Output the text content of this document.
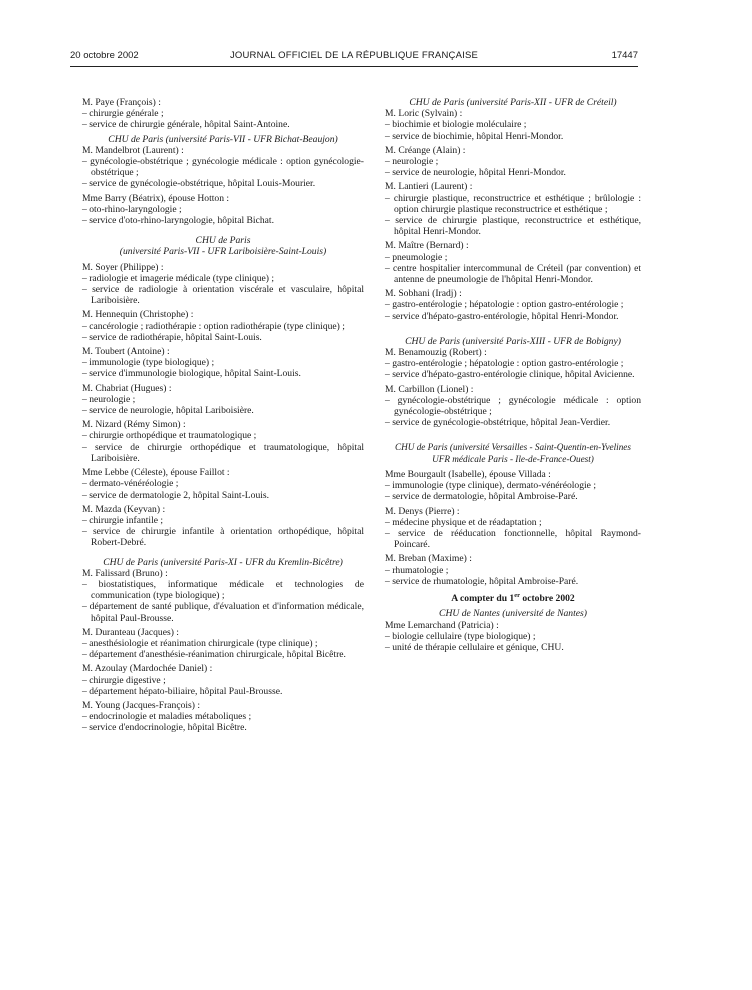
20 octobre 2002	JOURNAL OFFICIEL DE LA RÉPUBLIQUE FRANÇAISE	17447

M. Paye (François) :

– chirurgie générale ;

– service de chirurgie générale, hôpital Saint-Antoine.

CHU de Paris (université Paris-VII - UFR Bichat-Beaujon)

M. Mandelbrot (Laurent) :

– gynécologie-obstétrique ; gynécologie médicale : option gynécologie-obstétrique ;

– service de gynécologie-obstétrique, hôpital Louis-Mourier.

Mme Barry (Béatrix), épouse Hotton :

– oto-rhino-laryngologie ;

– service d'oto-rhino-laryngologie, hôpital Bichat.

CHU de Paris
(université Paris-VII - UFR Lariboisière-Saint-Louis)

M. Soyer (Philippe) :

– radiologie et imagerie médicale (type clinique) ;

– service de radiologie à orientation viscérale et vasculaire, hôpital Lariboisière.

M. Hennequin (Christophe) :

– cancérologie ; radiothérapie : option radiothérapie (type clinique) ;

– service de radiothérapie, hôpital Saint-Louis.

M. Toubert (Antoine) :

– immunologie (type biologique) ;

– service d'immunologie biologique, hôpital Saint-Louis.

M. Chabriat (Hugues) :

– neurologie ;

– service de neurologie, hôpital Lariboisière.

M. Nizard (Rémy Simon) :

– chirurgie orthopédique et traumatologique ;

– service de chirurgie orthopédique et traumatologique, hôpital Lariboisière.

Mme Lebbe (Céleste), épouse Faillot :

– dermato-vénéréologie ;

– service de dermatologie 2, hôpital Saint-Louis.

M. Mazda (Keyvan) :

– chirurgie infantile ;

– service de chirurgie infantile à orientation orthopédique, hôpital Robert-Debré.

CHU de Paris (université Paris-XI - UFR du Kremlin-Bicêtre)

M. Falissard (Bruno) :

– biostatistiques, informatique médicale et technologies de communication (type biologique) ;

– département de santé publique, d'évaluation et d'information médicale, hôpital Paul-Brousse.

M. Duranteau (Jacques) :

– anesthésiologie et réanimation chirurgicale (type clinique) ;

– département d'anesthésie-réanimation chirurgicale, hôpital Bicêtre.

M. Azoulay (Mardochée Daniel) :

– chirurgie digestive ;

– département hépato-biliaire, hôpital Paul-Brousse.

M. Young (Jacques-François) :

– endocrinologie et maladies métaboliques ;

– service d'endocrinologie, hôpital Bicêtre.

CHU de Paris (université Paris-XII - UFR de Créteil)

M. Loric (Sylvain) :

– biochimie et biologie moléculaire ;

– service de biochimie, hôpital Henri-Mondor.

M. Créange (Alain) :

– neurologie ;

– service de neurologie, hôpital Henri-Mondor.

M. Lantieri (Laurent) :

– chirurgie plastique, reconstructrice et esthétique ; brûlologie : option chirurgie plastique reconstructrice et esthétique ;

– service de chirurgie plastique, reconstructrice et esthétique, hôpital Henri-Mondor.

M. Maître (Bernard) :

– pneumologie ;

– centre hospitalier intercommunal de Créteil (par convention) et antenne de pneumologie de l'hôpital Henri-Mondor.

M. Sobhani (Iradj) :

– gastro-entérologie ; hépatologie : option gastro-entérologie ;

– service d'hépato-gastro-entérologie, hôpital Henri-Mondor.

CHU de Paris (université Paris-XIII - UFR de Bobigny)

M. Benamouzig (Robert) :

– gastro-entérologie ; hépatologie : option gastro-entérologie ;

– service d'hépato-gastro-entérologie clinique, hôpital Avicienne.

M. Carbillon (Lionel) :

– gynécologie-obstétrique ; gynécologie médicale : option gynécologie-obstétrique ;

– service de gynécologie-obstétrique, hôpital Jean-Verdier.

CHU de Paris (université Versailles - Saint-Quentin-en-Yvelines
UFR médicale Paris - Ile-de-France-Ouest)

Mme Bourgault (Isabelle), épouse Villada :

– immunologie (type clinique), dermato-vénéréologie ;

– service de dermatologie, hôpital Ambroise-Paré.

M. Denys (Pierre) :

– médecine physique et de réadaptation ;

– service de rééducation fonctionnelle, hôpital Raymond-Poincaré.

M. Breban (Maxime) :

– rhumatologie ;

– service de rhumatologie, hôpital Ambroise-Paré.

A compter du 1er octobre 2002

CHU de Nantes (université de Nantes)

Mme Lemarchand (Patricia) :

– biologie cellulaire (type biologique) ;

– unité de thérapie cellulaire et génique, CHU.
